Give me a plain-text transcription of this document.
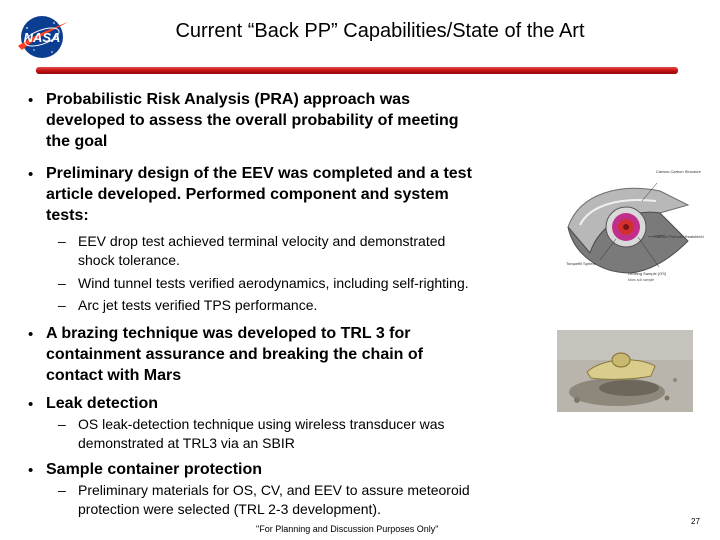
NASA	Current “Back PP” Capabilities/State of the Art
• Probabilistic Risk Analysis (PRA) approach was
developed to assess the overall probability of meeting
the goal
• Preliminary design of the EEV was completed and a test
article developed. Performed component and system
tests:
– EEV drop test achieved terminal velocity and demonstrated
shock tolerance.
– Wind tunnel tests verified aerodynamics, including self-righting.
– Arc jet tests verified TPS performance.
• A brazing technique was developed to TRL 3 for
containment assurance and breaking the chain of
contact with Mars
• Leak detection
– OS leak-detection technique using wireless transducer was
demonstrated at TRL3 via an SBIR
• Sample container protection
– Preliminary materials for OS, CV, and EEV to assure meteoroid
protection were selected (TRL 2-3 development).
Carbon-Carbon Structure
Carbon Phenolic Heatshield
Torquefill Sphere
Orbiting Sample (OS)
Mars soil sample
"For Planning and Discussion Purposes Only"
27
